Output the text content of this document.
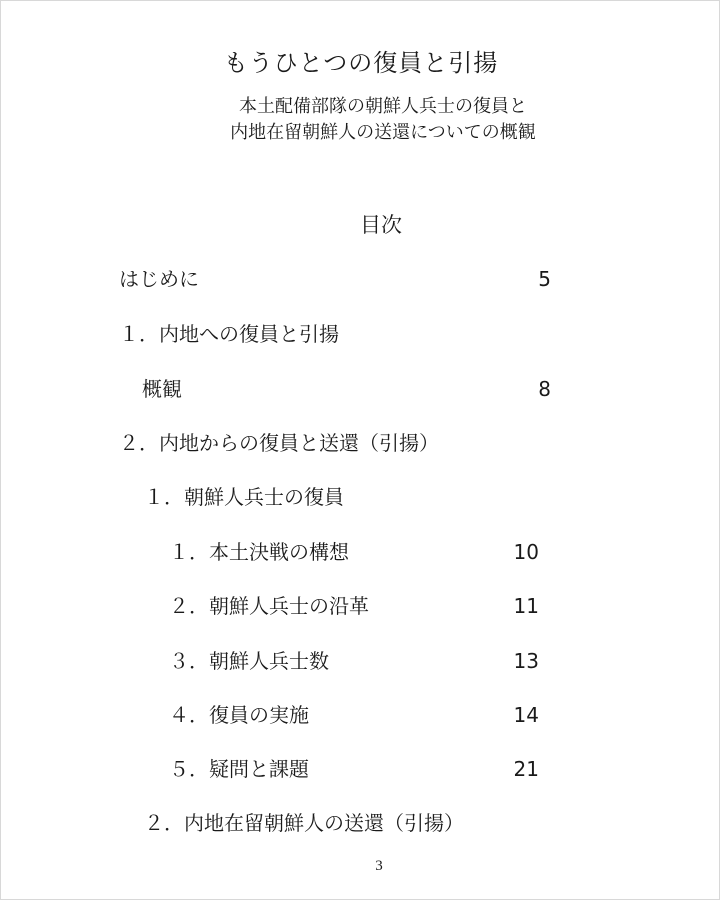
もうひとつの復員と引揚
本土配備部隊の朝鮮人兵士の復員と
内地在留朝鮮人の送還についての概観
目次
はじめに	5
１．内地への復員と引揚
概観	8
２．内地からの復員と送還（引揚）
１．朝鮮人兵士の復員
１．本土決戦の構想	10
２．朝鮮人兵士の沿革	11
３．朝鮮人兵士数	13
４．復員の実施	14
５．疑問と課題	21
２．内地在留朝鮮人の送還（引揚）
3
